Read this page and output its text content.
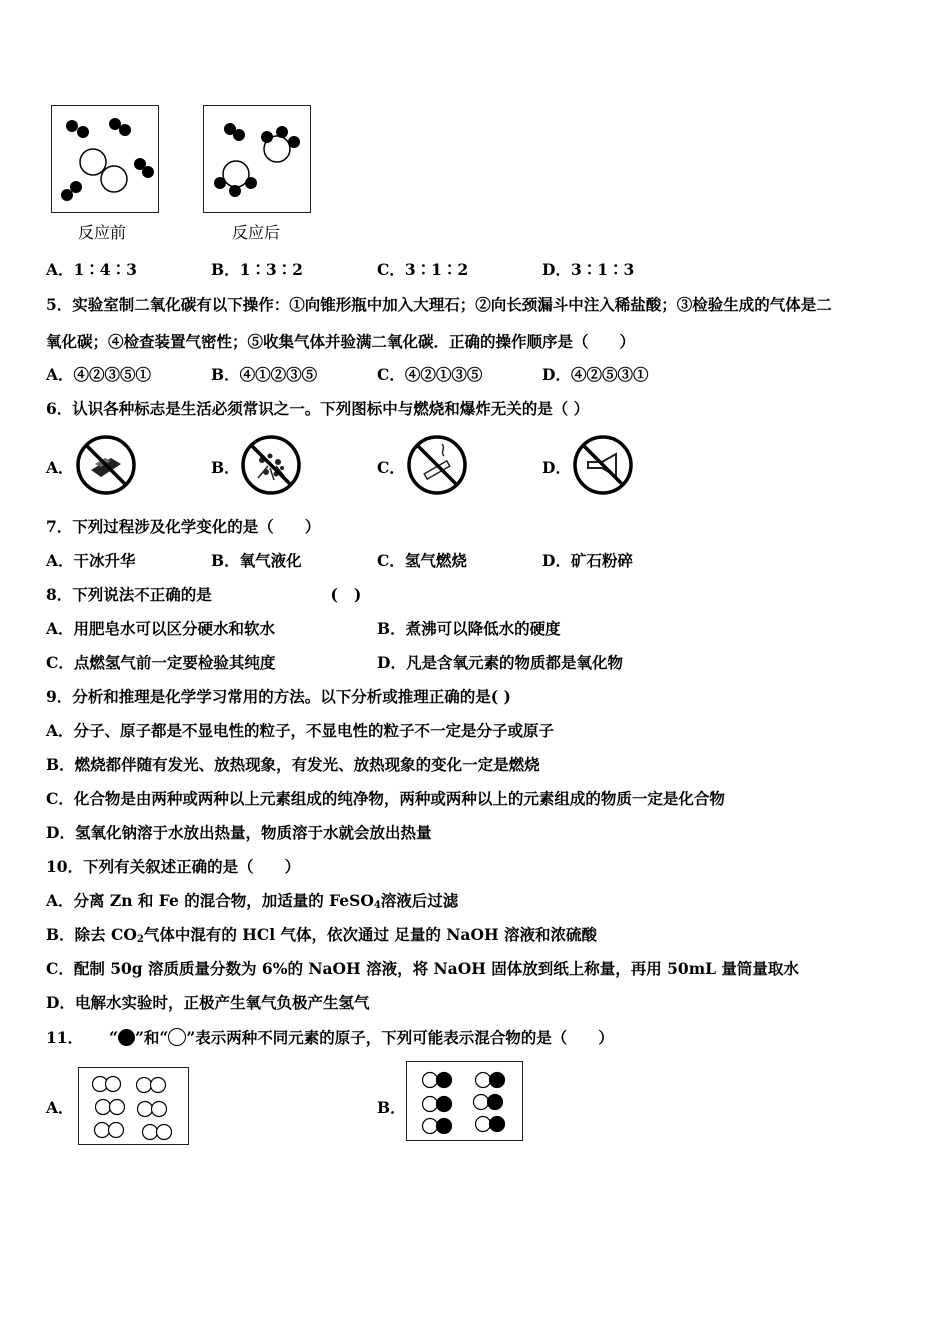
反应前	反应后
A．1∶4∶3	B．1∶3∶2	C．3∶1∶2	D．3∶1∶3
5．实验室制二氧化碳有以下操作：①向锥形瓶中加入大理石；②向长颈漏斗中注入稀盐酸；③检验生成的气体是二
氧化碳；④检查装置气密性；⑤收集气体并验满二氧化碳．正确的操作顺序是（　　）
A．④②③⑤①	B．④①②③⑤	C．④②①③⑤	D．④②⑤③①
6．认识各种标志是生活必须常识之一。下列图标中与燃烧和爆炸无关的是（ ）
A．	B．	C．	D．
7．下列过程涉及化学变化的是（　　）
A．干冰升华	B．氧气液化	C．氢气燃烧	D．矿石粉碎
8．下列说法不正确的是                      (   )
A．用肥皂水可以区分硬水和软水	B．煮沸可以降低水的硬度
C．点燃氢气前一定要检验其纯度	D．凡是含氧元素的物质都是氧化物
9．分析和推理是化学学习常用的方法。以下分析或推理正确的是( )
A．分子、原子都是不显电性的粒子，不显电性的粒子不一定是分子或原子
B．燃烧都伴随有发光、放热现象，有发光、放热现象的变化一定是燃烧
C．化合物是由两种或两种以上元素组成的纯净物，两种或两种以上的元素组成的物质一定是化合物
D．氢氧化钠溶于水放出热量，物质溶于水就会放出热量
10．下列有关叙述正确的是（　　）
A．分离 Zn 和 Fe 的混合物，加适量的 FeSO$_4$溶液后过滤
B．除去 $CO_2$气体中混有的 HCl 气体，依次通过 足量的 NaOH 溶液和浓硫酸
C．配制 50g 溶质质量分数为 6%的 NaOH 溶液，将 NaOH 固体放到纸上称量，再用 50mL 量筒量取水
D．电解水实验时，正极产生氧气负极产生氢气
11． “ ”和“ ”表示两种不同元素的原子，下列可能表示混合物的是（　　）
A．	B．
